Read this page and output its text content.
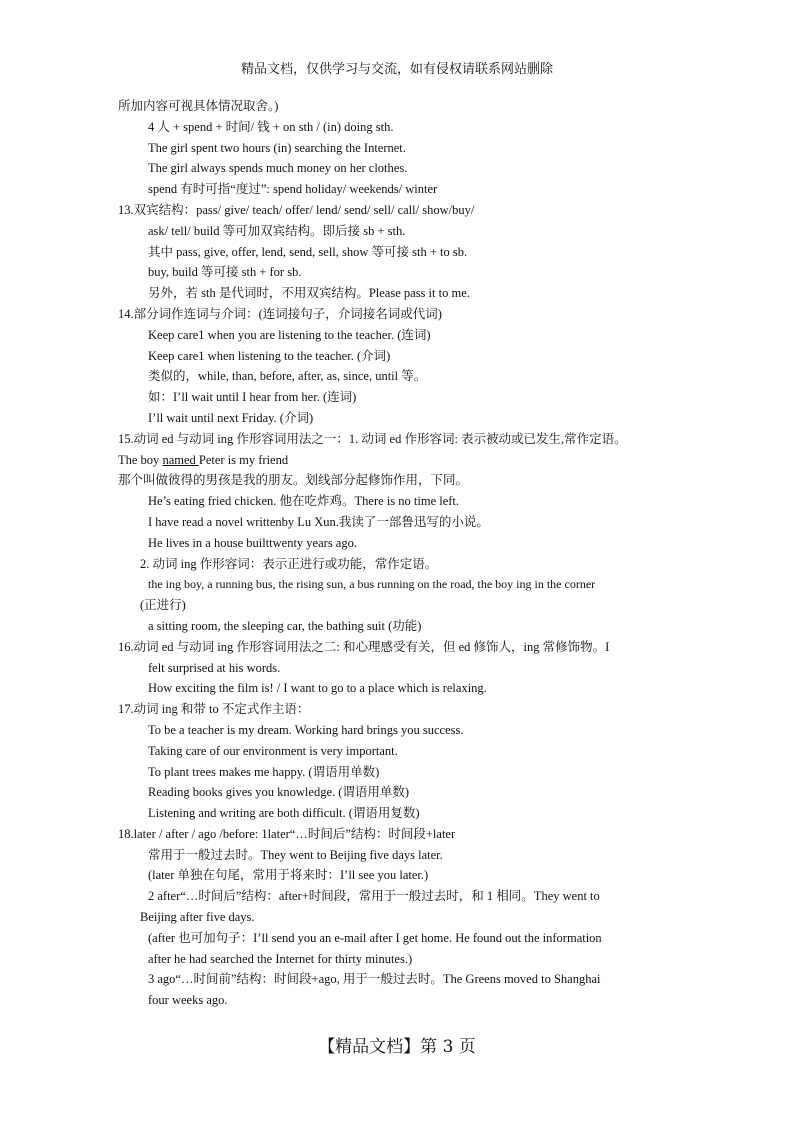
精品文档，仅供学习与交流，如有侵权请联系网站删除
所加内容可视具体情况取舍。)
4 人 + spend + 时间/ 钱 + on sth / (in) doing sth.
The girl spent two hours (in) searching the Internet.
The girl always spends much money on her clothes.
spend 有时可指“度过”: spend holiday/ weekends/ winter
13.双宾结构：pass/ give/ teach/ offer/ lend/ send/ sell/ call/ show/buy/
ask/ tell/ build 等可加双宾结构。即后接 sb + sth.
其中 pass, give, offer, lend, send, sell, show 等可接 sth + to sb.
buy, build 等可接 sth + for sb.
另外，若 sth 是代词时，不用双宾结构。Please pass it to me.
14.部分词作连词与介词：(连词接句子，介词接名词或代词)
Keep care1 when you are listening to the teacher. (连词)
Keep care1 when listening to the teacher. (介词)
类似的，while, than, before, after, as, since, until 等。
如：I’ll wait until I hear from her. (连词)
I’ll wait until next Friday. (介词)
15.动词 ed 与动词 ing 作形容词用法之一：1. 动词 ed 作形容词: 表示被动或已发生,常作定语。
The boy named Peter is my friend
那个叫做彼得的男孩是我的朋友。划线部分起修饰作用，下同。
He’s eating fried chicken. 他在吃炸鸡。There is no time left.
I have read a novel writtenby Lu Xun.我读了一部鲁迅写的小说。
He lives in a house builttwenty years ago.
2. 动词 ing 作形容词：表示正进行或功能，常作定语。
the ing boy, a running bus, the rising sun, a bus running on the road, the boy ing in the corner
(正进行)
a sitting room, the sleeping car, the bathing suit (功能)
16.动词 ed 与动词 ing 作形容词用法之二: 和心理感受有关，但 ed 修饰人，ing 常修饰物。I
felt surprised at his words.
How exciting the film is! / I want to go to a place which is relaxing.
17.动词 ing 和带 to 不定式作主语：
To be a teacher is my dream. Working hard brings you success.
Taking care of our environment is very important.
To plant trees makes me happy. (谓语用单数)
Reading books gives you knowledge. (谓语用单数)
Listening and writing are both difficult. (谓语用复数)
18.later / after / ago /before: 1later“…时间后”结构：时间段+later
常用于一般过去时。They went to Beijing five days later.
(later 单独在句尾，常用于将来时：I’ll see you later.)
2 after“…时间后”结构：after+时间段，常用于一般过去时，和 1 相同。They went to
Beijing after five days.
(after 也可加句子：I’ll send you an e-mail after I get home. He found out the information
after he had searched the Internet for thirty minutes.)
3 ago“…时间前”结构：时间段+ago, 用于一般过去时。The Greens moved to Shanghai
four weeks ago.
【精品文档】第 3 页
